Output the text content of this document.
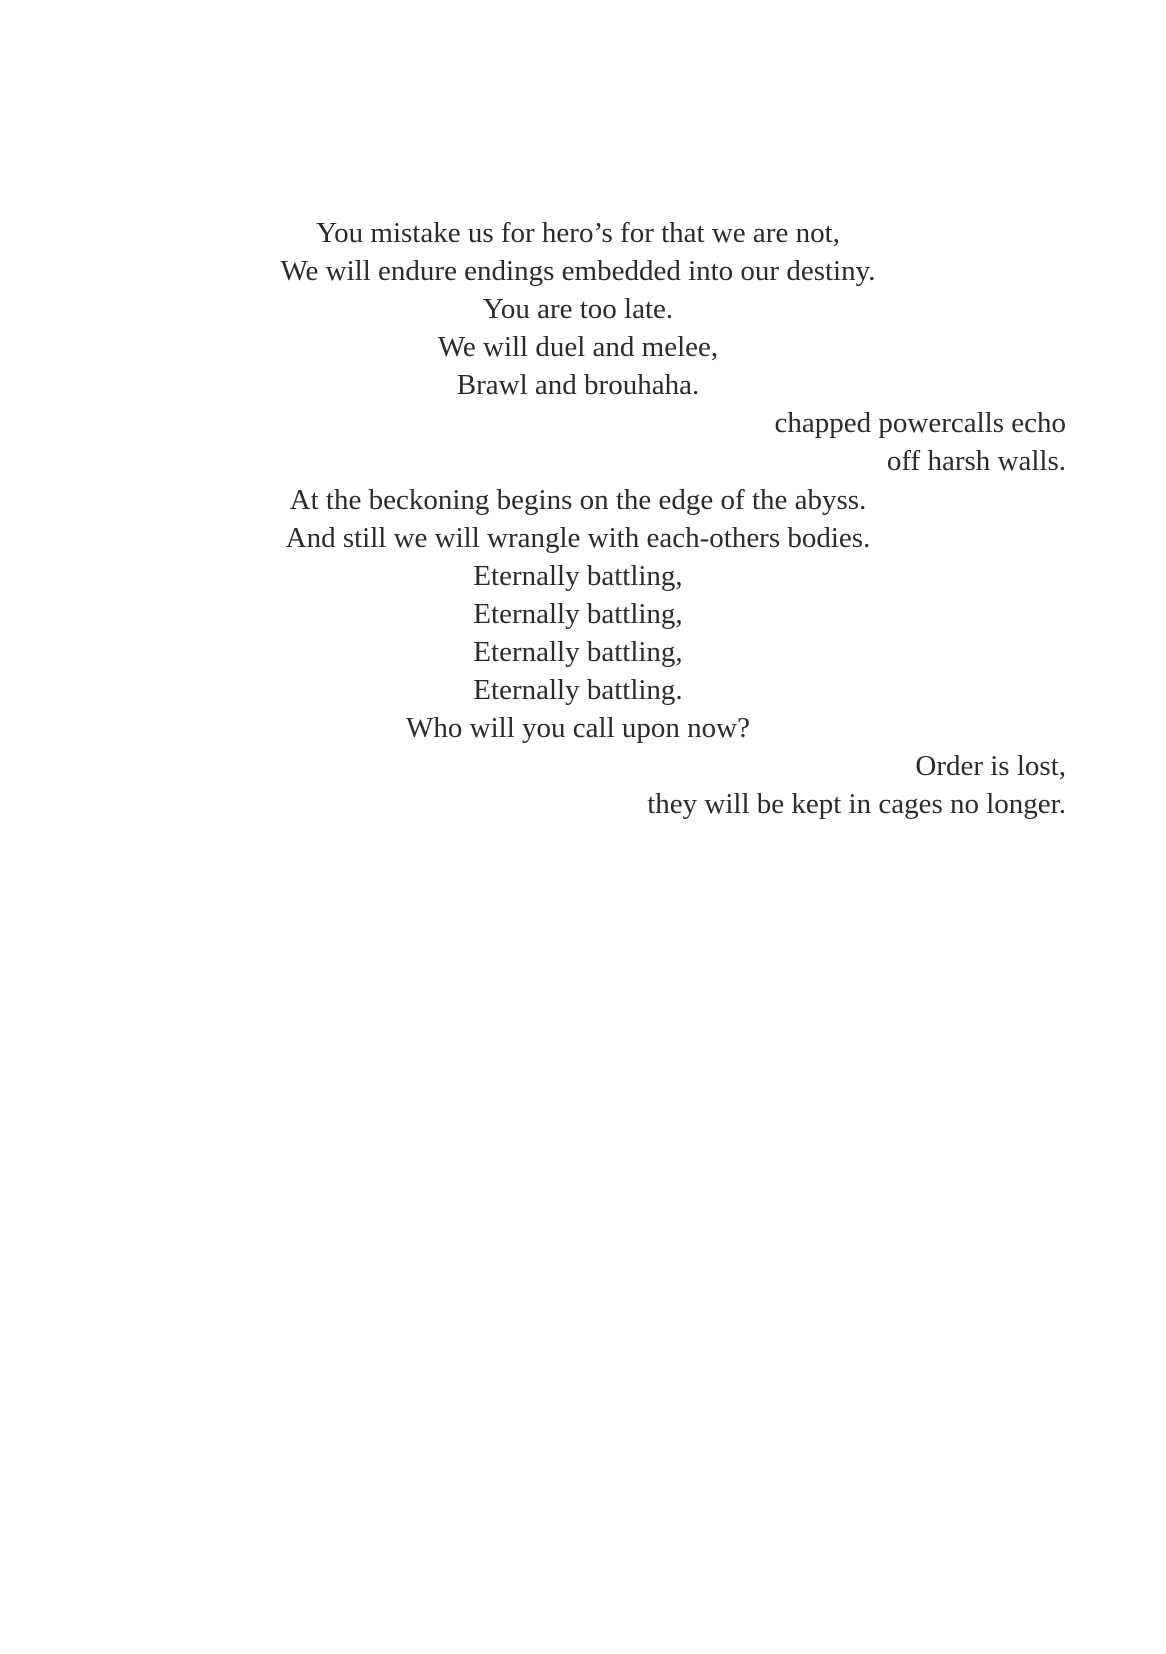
You mistake us for hero’s for that we are not,
We will endure endings embedded into our destiny.
You are too late.
We will duel and melee,
Brawl and brouhaha.
chapped powercalls echo
off harsh walls.
At the beckoning begins on the edge of the abyss.
And still we will wrangle with each-others bodies.
Eternally battling,
Eternally battling,
Eternally battling,
Eternally battling.
Who will you call upon now?
Order is lost,
they will be kept in cages no longer.
